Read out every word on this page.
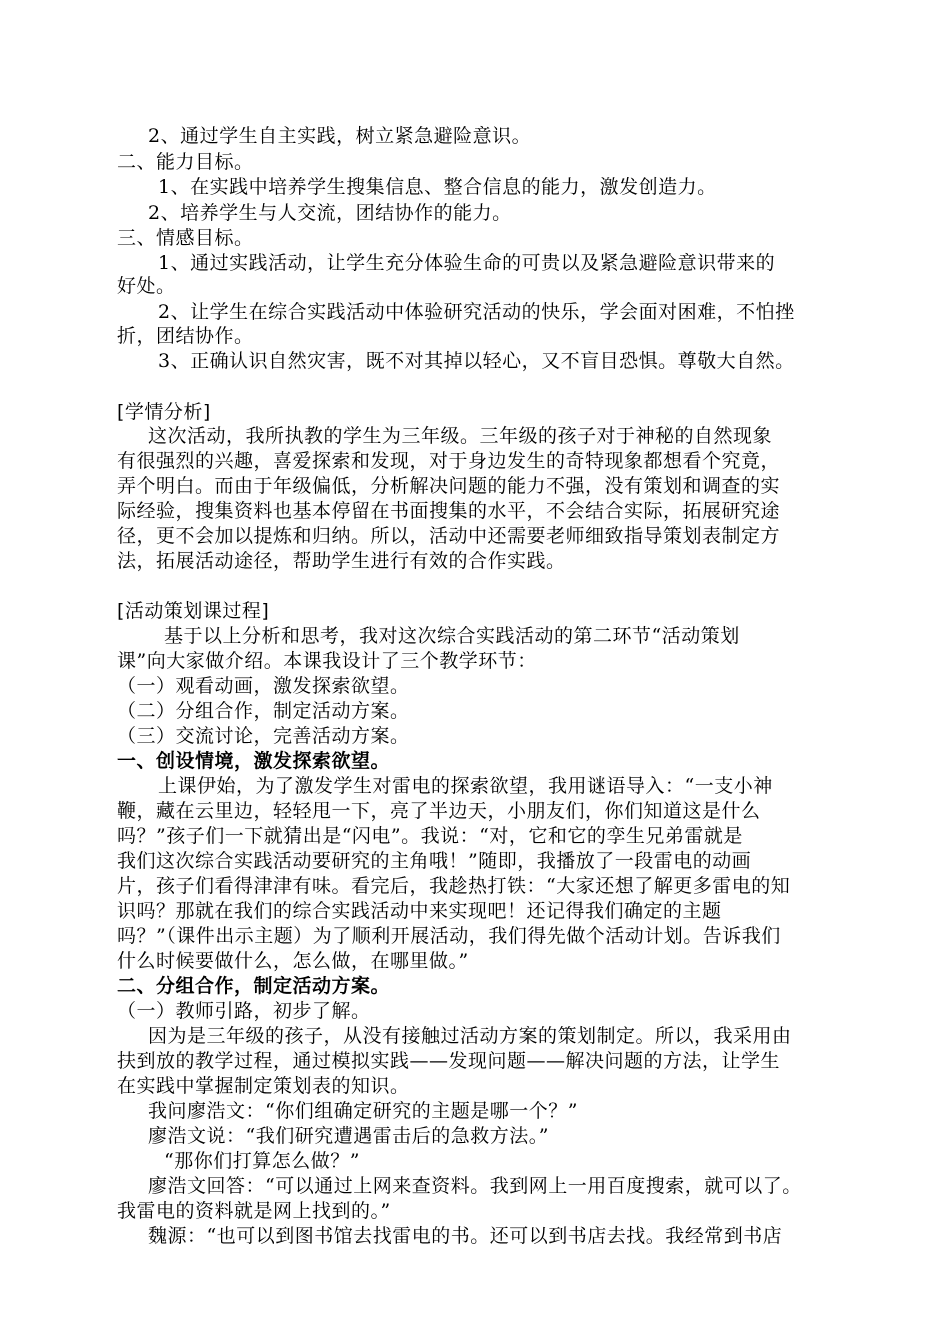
2、通过学生自主实践，树立紧急避险意识。
二、能力目标。
1、在实践中培养学生搜集信息、整合信息的能力，激发创造力。
2、培养学生与人交流，团结协作的能力。
三、情感目标。
1、通过实践活动，让学生充分体验生命的可贵以及紧急避险意识带来的
好处。
2、让学生在综合实践活动中体验研究活动的快乐，学会面对困难，不怕挫
折，团结协作。
3、正确认识自然灾害，既不对其掉以轻心，又不盲目恐惧。尊敬大自然。
[学情分析]
这次活动，我所执教的学生为三年级。三年级的孩子对于神秘的自然现象
有很强烈的兴趣，喜爱探索和发现，对于身边发生的奇特现象都想看个究竟，
弄个明白。而由于年级偏低，分析解决问题的能力不强，没有策划和调查的实
际经验，搜集资料也基本停留在书面搜集的水平，不会结合实际，拓展研究途
径，更不会加以提炼和归纳。所以，活动中还需要老师细致指导策划表制定方
法，拓展活动途径，帮助学生进行有效的合作实践。
[活动策划课过程]
基于以上分析和思考，我对这次综合实践活动的第二环节“活动策划
课”向大家做介绍。本课我设计了三个教学环节：
（一）观看动画，激发探索欲望。
（二）分组合作，制定活动方案。
（三）交流讨论，完善活动方案。
一、创设情境，激发探索欲望。
上课伊始，为了激发学生对雷电的探索欲望，我用谜语导入：“一支小神
鞭，藏在云里边，轻轻甩一下，亮了半边天，小朋友们，你们知道这是什么
吗？”孩子们一下就猜出是“闪电”。我说：“对，它和它的孪生兄弟雷就是
我们这次综合实践活动要研究的主角哦！”随即，我播放了一段雷电的动画
片，孩子们看得津津有味。看完后，我趁热打铁：“大家还想了解更多雷电的知
识吗？那就在我们的综合实践活动中来实现吧！还记得我们确定的主题
吗？”（课件出示主题）为了顺利开展活动，我们得先做个活动计划。告诉我们
什么时候要做什么，怎么做，在哪里做。”
二、分组合作，制定活动方案。
（一）教师引路，初步了解。
因为是三年级的孩子，从没有接触过活动方案的策划制定。所以，我采用由
扶到放的教学过程，通过模拟实践——发现问题——解决问题的方法，让学生
在实践中掌握制定策划表的知识。
我问廖浩文：“你们组确定研究的主题是哪一个？”
廖浩文说：“我们研究遭遇雷击后的急救方法。”
“那你们打算怎么做？”
廖浩文回答：“可以通过上网来查资料。我到网上一用百度搜索，就可以了。
我雷电的资料就是网上找到的。”
魏源：“也可以到图书馆去找雷电的书。还可以到书店去找。我经常到书店
